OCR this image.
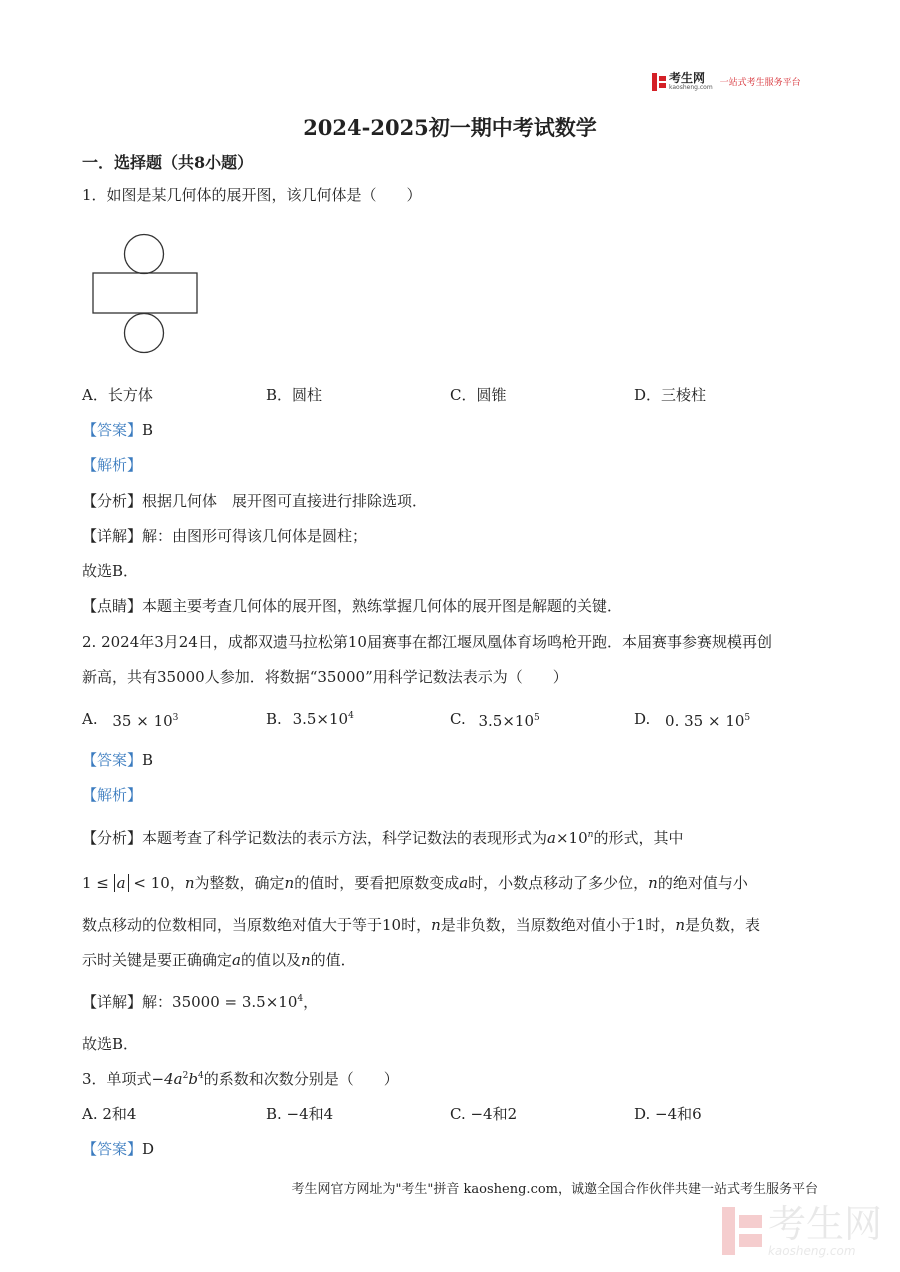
考生网
kaosheng.com 一站式考生服务平台
2024-2025初一期中考试数学
一．选择题（共8小题）
1．如图是某几何体的展开图，该几何体是（　　）
A．长方体	B．圆柱	C．圆锥	D．三棱柱
【答案】B
【解析】
【分析】根据几何体　展开图可直接进行排除选项．
【详解】解：由图形可得该几何体是圆柱；
故选B．
【点睛】本题主要考查几何体的展开图，熟练掌握几何体的展开图是解题的关键．
2. 2024年3月24日，成都双遗马拉松第10届赛事在都江堰凤凰体育场鸣枪开跑．本届赛事参赛规模再创
新高，共有35000人参加．将数据“35000”用科学记数法表示为（　　）
A. $35 \times 10^3$	B. $3.5\times 10^4$	C. $3.5\times 10^5$	D. 0. $35 \times 10^5$
【答案】B
【解析】
【分析】本题考查了科学记数法的表示方法，科学记数法的表现形式为$a\times 10^n$的形式，其中
1 ≤ a < 10，n为整数，确定n的值时，要看把原数变成a时，小数点移动了多少位，n的绝对值与小
数点移动的位数相同，当原数绝对值大于等于10时，n是非负数，当原数绝对值小于1时，n是负数，表
示时关键是要正确确定a的值以及n的值．
【详解】解：$35000 = 3.5\times 10^4$，
故选B．
3．单项式$-4a^2b^4$的系数和次数分别是（　　）
A. 2和4	B. −4和4	C. −4和2	D. −4和6
【答案】D
考生网官方网址为"考生"拼音 kaosheng.com，诚邀全国合作伙伴共建一站式考生服务平台
考生网
kaosheng.com
